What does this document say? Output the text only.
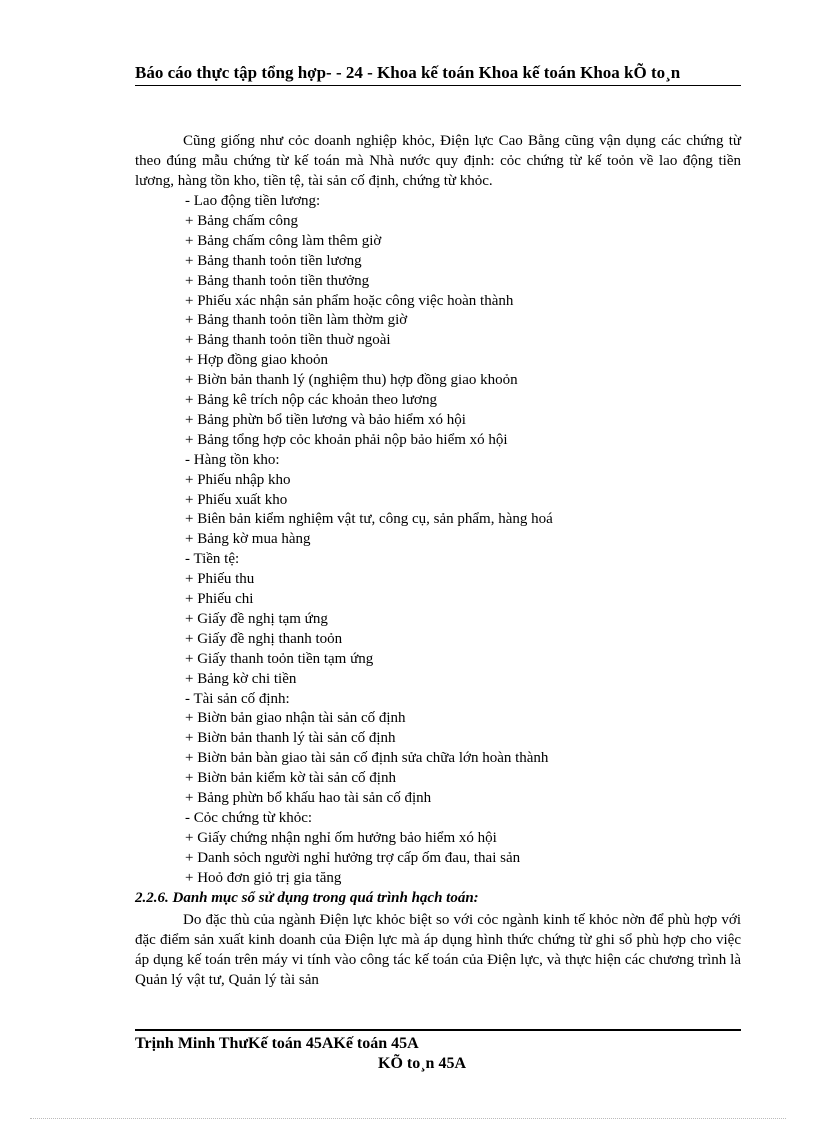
Báo cáo thực tập tổng hợp- - 24 - Khoa kế toán Khoa kế toán Khoa kÕ to¸n
Cũng giống như cỏc doanh nghiệp khỏc, Điện lực Cao Bằng cũng vận dụng các chứng từ theo đúng mẫu chứng từ kế toán mà Nhà nước quy định: cỏc chứng từ kế toỏn về lao động tiền lương, hàng tồn kho, tiền tệ, tài sản cố định, chứng từ khỏc.
- Lao động tiền lương:
+ Bảng chấm công
+ Bảng chấm công làm thêm giờ
+ Bảng thanh toỏn tiền lương
+ Bảng thanh toỏn tiền thưởng
+ Phiếu xác nhận sản phẩm hoặc công việc hoàn thành
+ Bảng thanh toỏn tiền làm thờm giờ
+ Bảng thanh toỏn tiền thuờ ngoài
+ Hợp đồng giao khoỏn
+ Biờn bản thanh lý (nghiệm thu) hợp đồng giao khoỏn
+ Bảng kê trích nộp các khoản theo lương
+ Bảng phừn bổ tiền lương và bảo hiểm xó hội
+ Bảng tổng hợp cỏc khoản phải nộp bảo hiểm xó hội
- Hàng tồn kho:
+ Phiếu nhập kho
+ Phiếu xuất kho
+ Biên bản kiểm nghiệm vật tư, công cụ, sản phẩm, hàng hoá
+ Bảng kờ mua hàng
- Tiền tệ:
+ Phiếu thu
+ Phiếu chi
+ Giấy đề nghị tạm ứng
+ Giấy đề nghị thanh toỏn
+ Giấy thanh toỏn tiền tạm ứng
+ Bảng kờ chi tiền
- Tài sản cố định:
+ Biờn bản giao nhận tài sản cố định
+ Biờn bản thanh lý tài sản cố định
+ Biờn bản bàn giao tài sản cố định sửa chữa lớn hoàn thành
+ Biờn bản kiểm kờ tài sản cố định
+ Bảng phừn bổ khấu hao tài sản cố định
- Cỏc chứng từ khỏc:
+ Giấy chứng nhận nghỉ ốm hưởng bảo hiểm xó hội
+ Danh sỏch người nghỉ hưởng trợ cấp ốm đau, thai sản
+ Hoỏ đơn giỏ trị gia tăng
2.2.6. Danh mục sổ sử dụng trong quá trình hạch toán:
Do đặc thù của ngành Điện lực khỏc biệt so với cỏc ngành kinh tế khỏc nờn để phù hợp với đặc điểm sản xuất kinh doanh của Điện lực mà áp dụng hình thức chứng từ ghi sổ phù hợp cho việc áp dụng kế toán trên máy vi tính vào công tác kế toán của Điện lực, và thực hiện các chương trình là Quản lý vật tư, Quản lý tài sản
Trịnh Minh ThưKế toán 45AKế toán 45A
KÕ to¸n 45A
